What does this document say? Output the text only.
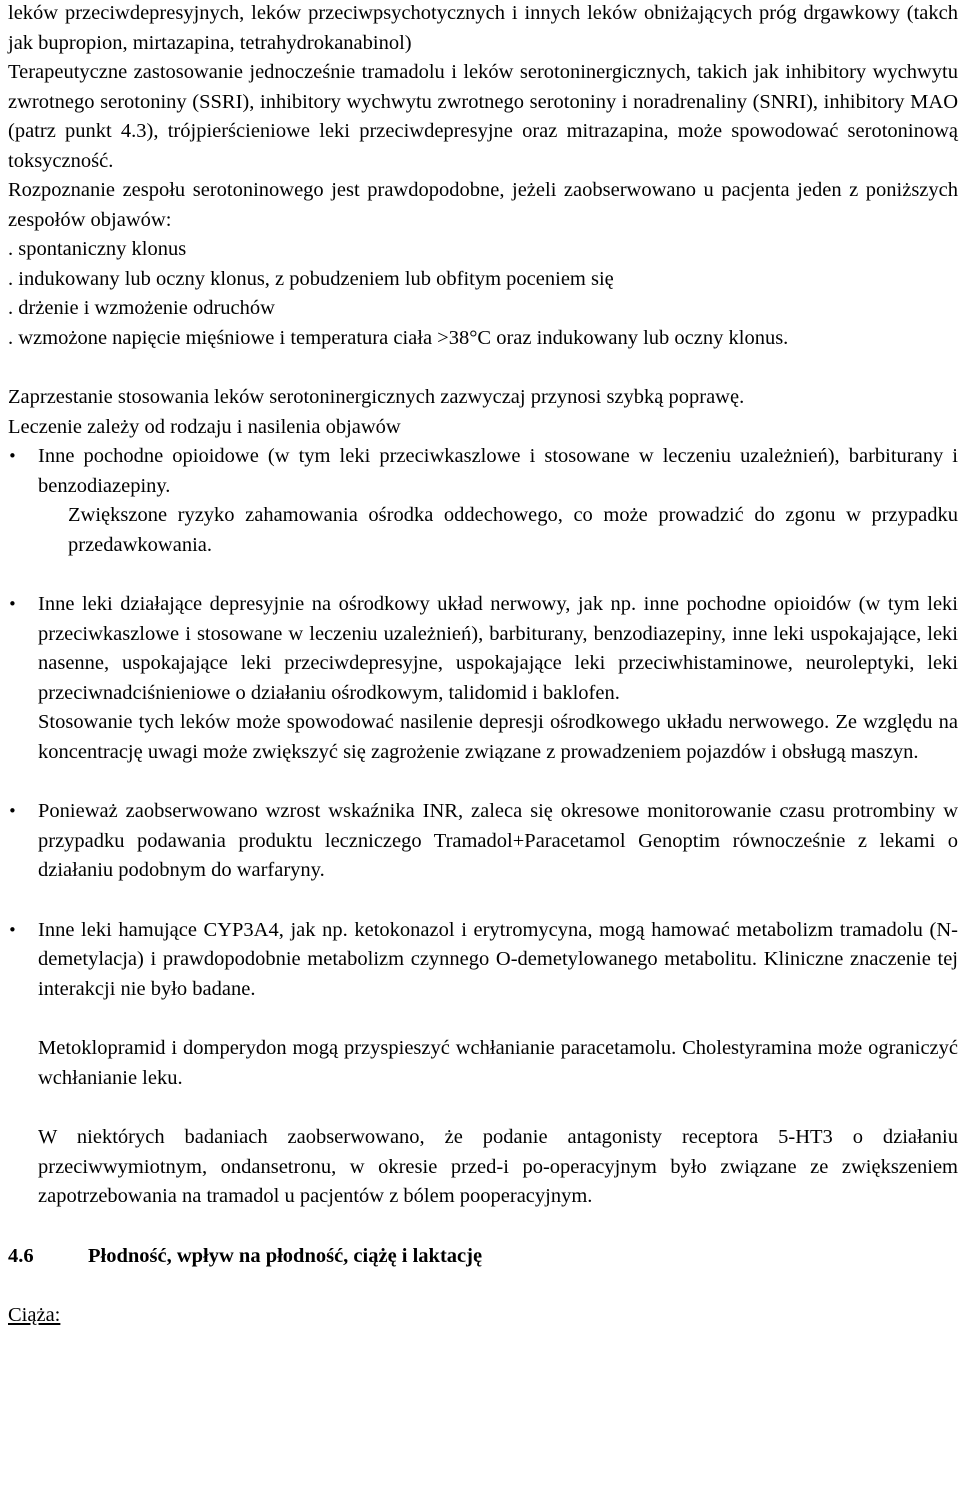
leków przeciwdepresyjnych, leków przeciwpsychotycznych i innych leków obniżających próg drgawkowy (takch jak bupropion, mirtazapina, tetrahydrokanabinol)

Terapeutyczne zastosowanie jednocześnie tramadolu i leków serotoninergicznych, takich jak inhibitory wychwytu zwrotnego serotoniny (SSRI), inhibitory wychwytu zwrotnego serotoniny i noradrenaliny (SNRI), inhibitory MAO (patrz punkt 4.3), trójpierścieniowe leki przeciwdepresyjne oraz mitrazapina, może spowodować serotoninową toksyczność.

Rozpoznanie zespołu serotoninowego jest prawdopodobne, jeżeli zaobserwowano u pacjenta jeden z poniższych zespołów objawów:

. spontaniczny klonus

. indukowany lub oczny klonus, z pobudzeniem lub obfitym poceniem się

. drżenie i wzmożenie odruchów

. wzmożone napięcie mięśniowe i temperatura ciała >38°C oraz indukowany lub oczny klonus.

Zaprzestanie stosowania leków serotoninergicznych zazwyczaj przynosi szybką poprawę.

Leczenie zależy od rodzaju i nasilenia objawów

•	Inne pochodne opioidowe (w tym leki przeciwkaszlowe i stosowane w leczeniu uzależnień), barbiturany i benzodiazepiny.

Zwiększone ryzyko zahamowania ośrodka oddechowego, co może prowadzić do zgonu w przypadku przedawkowania.

•	Inne leki działające depresyjnie na ośrodkowy układ nerwowy, jak np. inne pochodne opioidów (w tym leki przeciwkaszlowe i stosowane w leczeniu uzależnień), barbiturany, benzodiazepiny, inne leki uspokajające, leki nasenne, uspokajające leki przeciwdepresyjne, uspokajające leki przeciwhistaminowe, neuroleptyki, leki przeciwnadciśnieniowe o działaniu ośrodkowym, talidomid i baklofen.

Stosowanie tych leków może spowodować nasilenie depresji ośrodkowego układu nerwowego. Ze względu na koncentrację uwagi może zwiększyć się zagrożenie związane z prowadzeniem pojazdów i obsługą maszyn.

•	Ponieważ zaobserwowano wzrost wskaźnika INR, zaleca się okresowe monitorowanie czasu protrombiny w przypadku podawania produktu leczniczego Tramadol+Paracetamol Genoptim równocześnie z lekami o działaniu podobnym do warfaryny.

•	Inne leki hamujące CYP3A4, jak np. ketokonazol i erytromycyna, mogą hamować metabolizm tramadolu (N-demetylacja) i prawdopodobnie metabolizm czynnego O-demetylowanego metabolitu. Kliniczne znaczenie tej interakcji nie było badane.

Metoklopramid i domperydon mogą przyspieszyć wchłanianie paracetamolu. Cholestyramina może ograniczyć wchłanianie leku.

W niektórych badaniach zaobserwowano, że podanie antagonisty receptora 5-HT3 o działaniu przeciwwymiotnym, ondansetronu, w okresie przed-i po-operacyjnym było związane ze zwiększeniem zapotrzebowania na tramadol u pacjentów z bólem pooperacyjnym.

4.6	Płodność, wpływ na płodność, ciążę i laktację

Ciąża:
